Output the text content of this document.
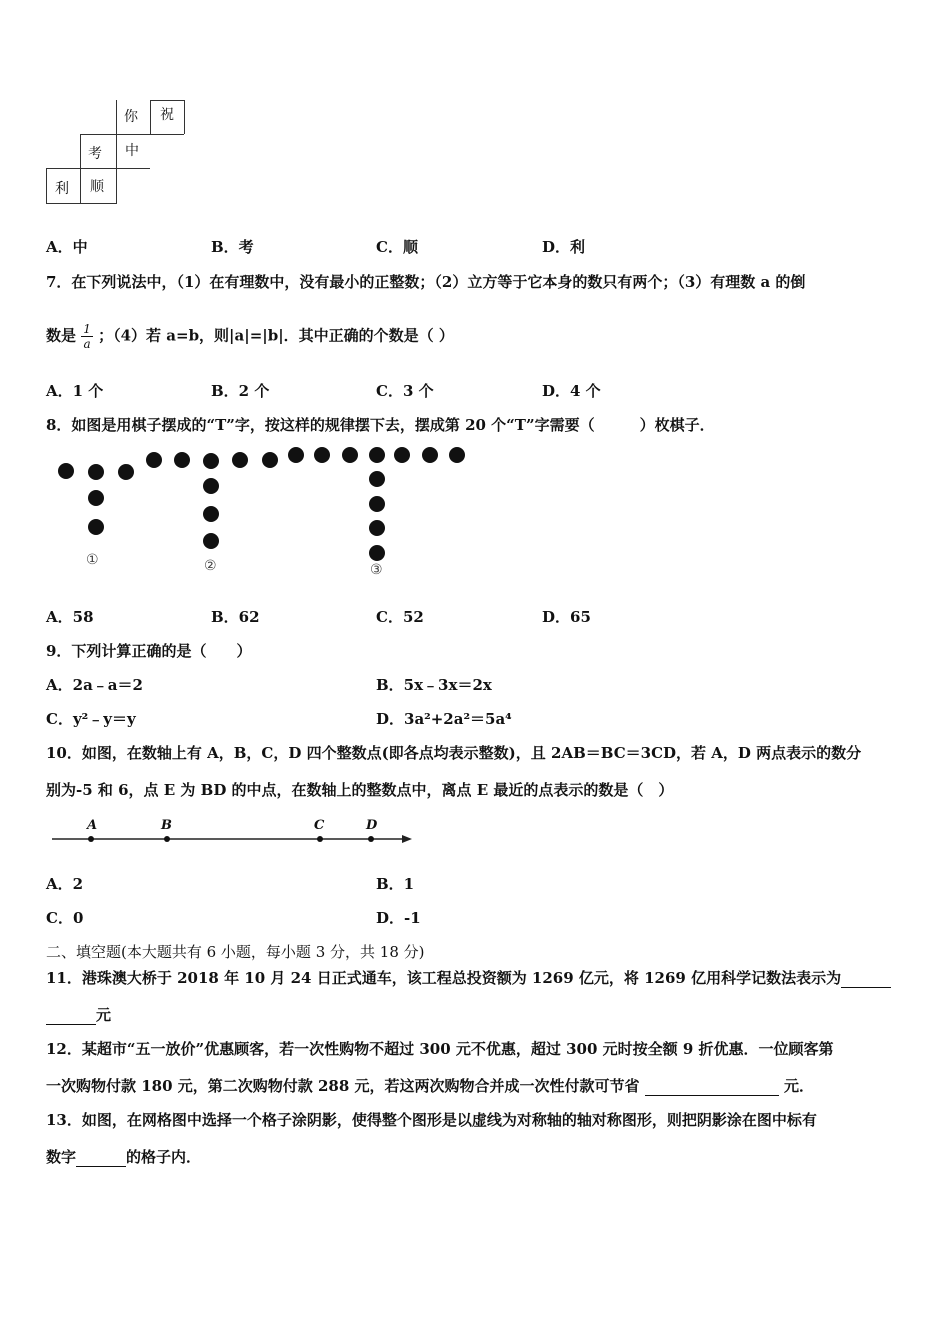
你 祝
考 中
利 顺
A．中	B．考	C．顺	D．利
7．在下列说法中，（1）在有理数中，没有最小的正整数；（2）立方等于它本身的数只有两个；（3）有理数 a 的倒
数是 $\frac{1}{a}$ ；（4）若 a=b，则|a|=|b|．其中正确的个数是（ ）
A．1 个	B．2 个	C．3 个	D．4 个
8．如图是用棋子摆成的“T”字，按这样的规律摆下去，摆成第 20 个“T”字需要（　　　）枚棋子．
①	②	③
A．58	B．62	C．52	D．65
9．下列计算正确的是（　　）
A．2a﹣a＝2	B．5x﹣3x＝2x
C．y²﹣y＝y	D．3a²+2a²＝5a⁴
10．如图，在数轴上有 A，B，C，D 四个整数点(即各点均表示整数)，且 2AB＝BC＝3CD，若 A，D 两点表示的数分
别为-5 和 6，点 E 为 BD 的中点，在数轴上的整数点中，离点 E 最近的点表示的数是（　）
A	B	C	D
A．2	B．1
C．0	D．-1
二、填空题(本大题共有 6 小题，每小题 3 分，共 18 分)
11．港珠澳大桥于 2018 年 10 月 24 日正式通车，该工程总投资额为 1269 亿元，将 1269 亿用科学记数法表示为
元
12．某超市“五一放价”优惠顾客，若一次性购物不超过 300 元不优惠，超过 300 元时按全额 9 折优惠．一位顾客第
一次购物付款 180 元，第二次购物付款 288 元，若这两次购物合并成一次性付款可节省	元．
13．如图，在网格图中选择一个格子涂阴影，使得整个图形是以虚线为对称轴的轴对称图形，则把阴影涂在图中标有
数字	的格子内．
